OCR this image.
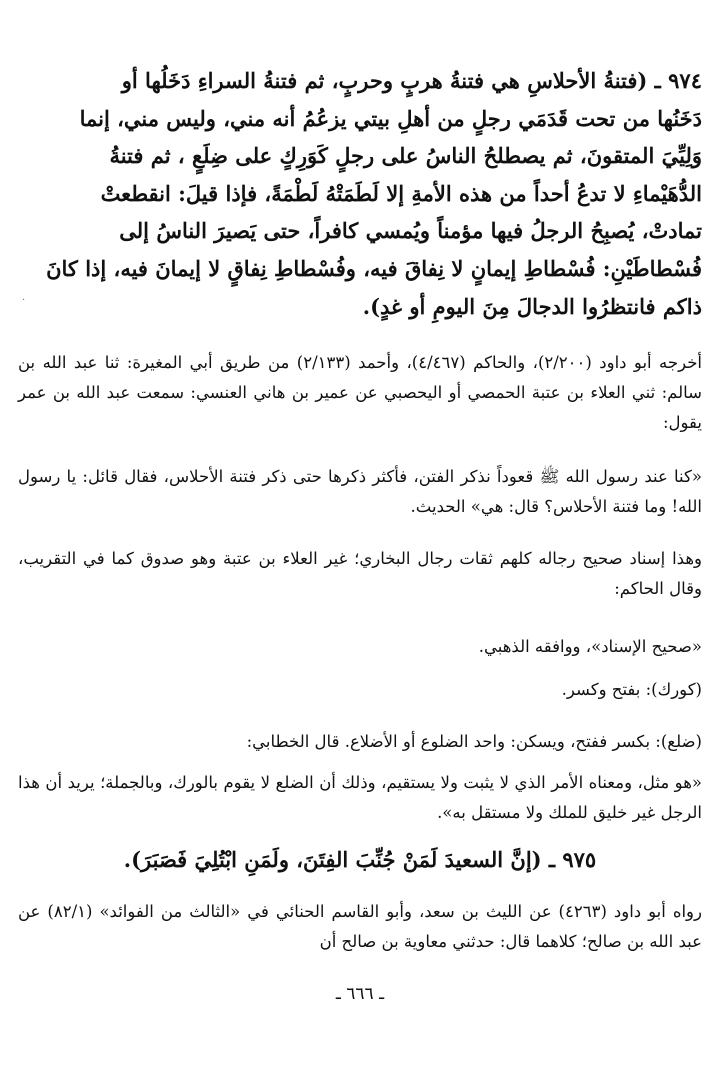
٩٧٤ ـ (فتنةُ الأحلاسِ هي فتنةُ هربٍ وحربٍ، ثم فتنةُ السراءِ دَخَلُها أو
دَخَنُها من تحت قَدَمَي رجلٍ من أهلِ بيتي يزعُمُ أنه مني، وليس مني، إنما
وَلِيِّيَ المتقونَ، ثم يصطلحُ الناسُ على رجلٍ كَوَرِكٍ على ضِلَعٍ ، ثم فتنةُ
الدُّهَيْماءِ لا تدعُ أحداً من هذه الأمةِ إلا لَطَمَتْهُ لَطْمَةً، فإذا قيلَ: انقطعتْ
تمادتْ، يُصبِحُ الرجلُ فيها مؤمناً ويُمسي كافراً، حتى يَصيرَ الناسُ إلى
فُسْطاطَيْنِ: فُسْطاطِ إيمانٍ لا نِفاقَ فيه، وفُسْطاطِ نِفاقٍ لا إيمانَ فيه، إذا كانَ
ذاكم فانتظرُوا الدجالَ مِنَ اليومِ أو غدٍ).
·

أخرجه أبو داود (٢/٢٠٠)، والحاكم (٤/٤٦٧)، وأحمد (٢/١٣٣) من طريق أبي المغيرة: ثنا عبد الله بن سالم: ثني العلاء بن عتبة الحمصي أو اليحصبي عن عمير بن هاني العنسي: سمعت عبد الله بن عمر يقول:

«كنا عند رسول الله ﷺ قعوداً نذكر الفتن، فأكثر ذكرها حتى ذكر فتنة الأحلاس، فقال قائل: يا رسول الله! وما فتنة الأحلاس؟ قال: هي» الحديث.

وهذا إسناد صحيح رجاله كلهم ثقات رجال البخاري؛ غير العلاء بن عتبة وهو صدوق كما في التقريب، وقال الحاكم:

«صحيح الإسناد»، ووافقه الذهبي.

(كورك): بفتح وكسر.

(ضلع): بكسر ففتح، ويسكن: واحد الضلوع أو الأضلاع. قال الخطابي:

«هو مثل، ومعناه الأمر الذي لا يثبت ولا يستقيم، وذلك أن الضلع لا يقوم بالورك، وبالجملة؛ يريد أن هذا الرجل غير خليق للملك ولا مستقل به».

٩٧٥ ـ (إنَّ السعيدَ لَمَنْ جُنِّبَ الفِتَنَ، ولَمَنِ ابْتُلِيَ فَصَبَرَ).

رواه أبو داود (٤٢٦٣) عن الليث بن سعد، وأبو القاسم الحنائي في «الثالث من الفوائد» (٨٢/١) عن عبد الله بن صالح؛ كلاهما قال: حدثني معاوية بن صالح أن

ـ ٦٦٦ ـ
